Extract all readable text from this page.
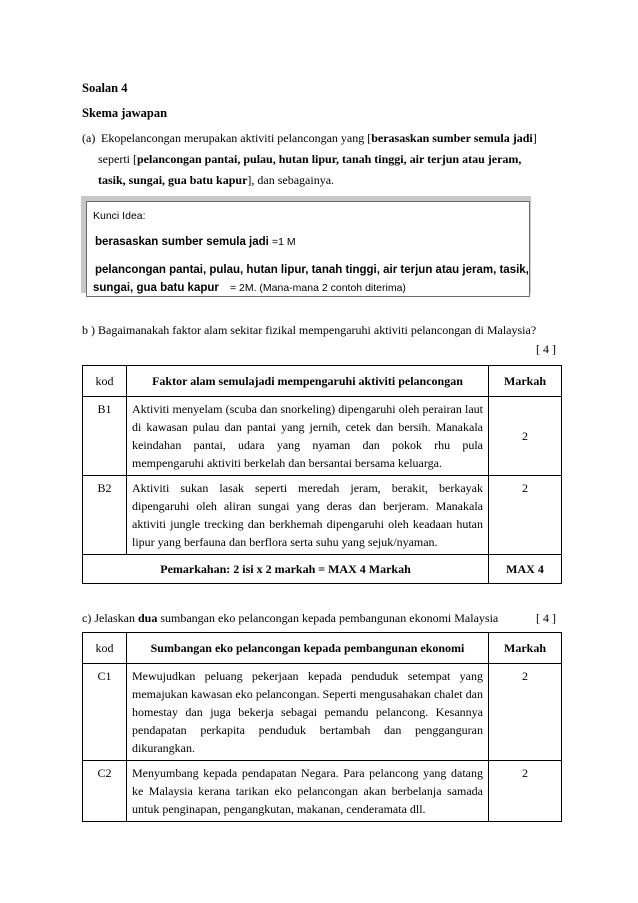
Soalan 4
Skema jawapan
(a) Ekopelancongan merupakan aktiviti pelancongan yang [berasaskan sumber semula jadi]
seperti [pelancongan pantai, pulau, hutan lipur, tanah tinggi, air terjun atau jeram,
tasik, sungai, gua batu kapur], dan sebagainya.
Kunci Idea:
berasaskan sumber semula jadi =1 M
pelancongan pantai, pulau, hutan lipur, tanah tinggi, air terjun atau jeram, tasik,
sungai, gua batu kapur = 2M. (Mana-mana 2 contoh diterima)
b ) Bagaimanakah faktor alam sekitar fizikal mempengaruhi aktiviti pelancongan di Malaysia?
[ 4 ]
kod	Faktor alam semulajadi mempengaruhi aktiviti pelancongan	Markah
B1	Aktiviti menyelam (scuba dan snorkeling) dipengaruhi oleh perairan laut di kawasan pulau dan pantai yang jernih, cetek dan bersih. Manakala keindahan pantai, udara yang nyaman dan pokok rhu pula mempengaruhi aktiviti berkelah dan bersantai bersama keluarga.	2
B2	Aktiviti sukan lasak seperti meredah jeram, berakit, berkayak dipengaruhi oleh aliran sungai yang deras dan berjeram. Manakala aktiviti jungle trecking dan berkhemah dipengaruhi oleh keadaan hutan lipur yang berfauna dan berflora serta suhu yang sejuk/nyaman.	2
Pemarkahan: 2 isi x 2 markah = MAX 4 Markah		MAX 4
c) Jelaskan dua sumbangan eko pelancongan kepada pembangunan ekonomi Malaysia	[ 4 ]
kod	Sumbangan eko pelancongan kepada pembangunan ekonomi	Markah
C1	Mewujudkan peluang pekerjaan kepada penduduk setempat yang memajukan kawasan eko pelancongan. Seperti mengusahakan chalet dan homestay dan juga bekerja sebagai pemandu pelancong. Kesannya pendapatan perkapita penduduk bertambah dan pengganguran dikurangkan.	2
C2	Menyumbang kepada pendapatan Negara. Para pelancong yang datang ke Malaysia kerana tarikan eko pelancongan akan berbelanja samada untuk penginapan, pengangkutan, makanan, cenderamata dll.	2
